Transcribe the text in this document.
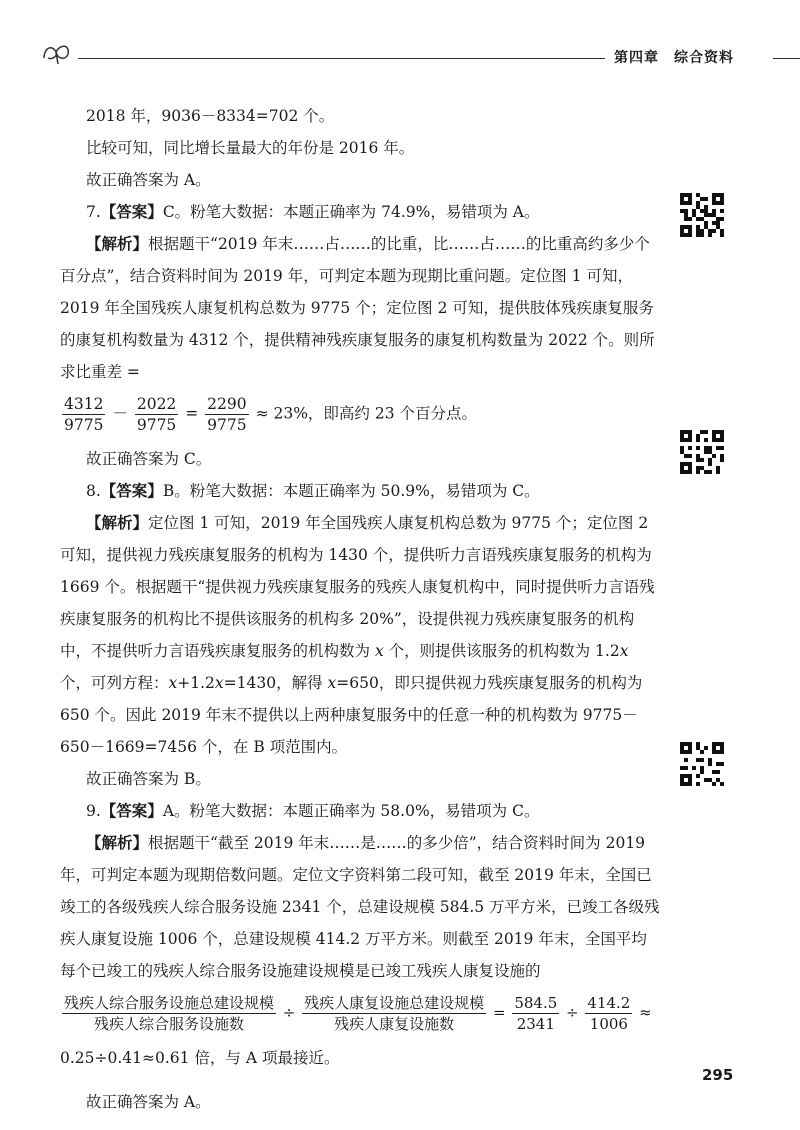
第四章　综合资料

2018 年，9036－8334=702 个。

比较可知，同比增长量最大的年份是 2016 年。

故正确答案为 A。

7.【答案】C。粉笔大数据：本题正确率为 74.9%，易错项为 A。

【解析】根据题干“2019 年末……占……的比重，比……占……的比重高约多少个百分点”，结合资料时间为 2019 年，可判定本题为现期比重问题。定位图 1 可知，2019 年全国残疾人康复机构总数为 9775 个；定位图 2 可知，提供肢体残疾康复服务的康复机构数量为 4312 个，提供精神残疾康复服务的康复机构数量为 2022 个。则所求比重差 =

$\frac{4312}{9775} - \frac{2022}{9775} = \frac{2290}{9775} \approx 23\%$，即高约 23 个百分点。

故正确答案为 C。

8.【答案】B。粉笔大数据：本题正确率为 50.9%，易错项为 C。

【解析】定位图 1 可知，2019 年全国残疾人康复机构总数为 9775 个；定位图 2 可知，提供视力残疾康复服务的机构为 1430 个，提供听力言语残疾康复服务的机构为 1669 个。根据题干“提供视力残疾康复服务的残疾人康复机构中，同时提供听力言语残疾康复服务的机构比不提供该服务的机构多 20%”，设提供视力残疾康复服务的机构中，不提供听力言语残疾康复服务的机构数为 x 个，则提供该服务的机构数为 1.2x 个，可列方程：x+1.2x=1430，解得 x=650，即只提供视力残疾康复服务的机构为 650 个。因此 2019 年末不提供以上两种康复服务中的任意一种的机构数为 9775－650－1669=7456 个，在 B 项范围内。

故正确答案为 B。

9.【答案】A。粉笔大数据：本题正确率为 58.0%，易错项为 C。

【解析】根据题干“截至 2019 年末……是……的多少倍”，结合资料时间为 2019 年，可判定本题为现期倍数问题。定位文字资料第二段可知，截至 2019 年末，全国已竣工的各级残疾人综合服务设施 2341 个，总建设规模 584.5 万平方米，已竣工各级残疾人康复设施 1006 个，总建设规模 414.2 万平方米。则截至 2019 年末，全国平均每个已竣工的残疾人综合服务设施建设规模是已竣工残疾人康复设施的

$\frac{\text{残疾人综合服务设施总建设规模}}{\text{残疾人综合服务设施数}} \div \frac{\text{残疾人康复设施总建设规模}}{\text{残疾人康复设施数}} = \frac{584.5}{2341} \div \frac{414.2}{1006}$ ≈

0.25÷0.41≈0.61 倍，与 A 项最接近。

故正确答案为 A。

295
